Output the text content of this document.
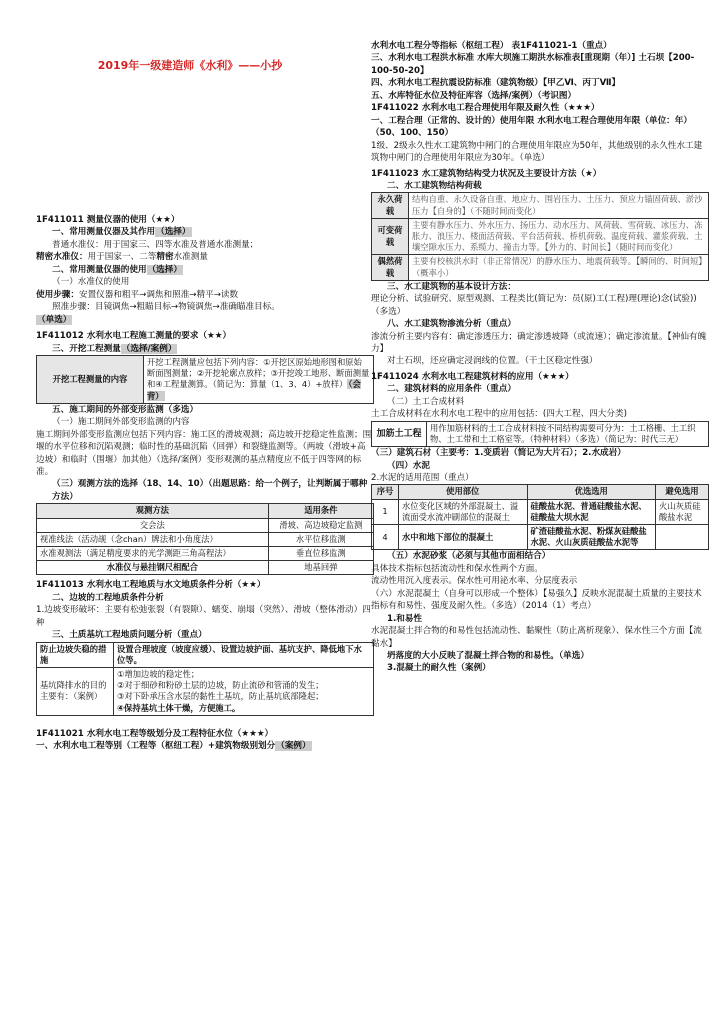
2019年一级建造师《水利》——小抄

1F411011 测量仪器的使用（★★）

一、常用测量仪器及其作用（选择）

普通水准仪：用于国家三、四等水准及普通水准测量；

精密水准仪：用于国家一、二等精密水准测量

二、常用测量仪器的使用（选择）

（一）水准仪的使用

使用步骤：安置仪器和粗平→调焦和照准→精平→读数

照准步骤：目镜调焦→粗瞄目标→物镜调焦→准确瞄准目标。

（单选）

1F411012 水利水电工程施工测量的要求（★★）

三、开挖工程测量（选择/案例）

开挖工程测量的内容	开挖工程测量应包括下列内容：①开挖区原始地形图和原始断面图测量；②开挖轮廓点放样；③开挖竣工地形、断面测量和④工程量测算。（简记为：算量（1、3、4）+放样）（会背）

五、施工期间的外部变形监测（多选）

（一）施工期间外部变形监测的内容

施工期间外部变形监测应包括下列内容：施工区的滑坡观测；高边坡开挖稳定性监测；围堰的水平位移和沉陷观测；临时性的基础沉陷（回弹）和裂缝监测等。（两坡（滑坡+高边坡）和临时（围堰）加其他）（选择/案例）变形观测的基点精度应不低于四等网的标准。

（三）观测方法的选择（18、14、10）（出题思路：给一个例子，让判断属于哪种方法）

观测方法	适用条件
交会法	滑坡、高边坡稳定监测
视准线法（活动觇（念chan）牌法和小角度法）	水平位移监测
水准观测法（满足精度要求的光学测距三角高程法）	垂直位移监测
水准仪与悬挂钢尺相配合	地基回弹

1F411013 水利水电工程地质与水文地质条件分析（★★）

二、边坡的工程地质条件分析

1.边坡变形破坏：主要有松弛张裂（有裂隙）、蠕变、崩塌（突然）、滑坡（整体滑动）四种

三、土质基坑工程地质问题分析（重点）

防止边坡失稳的措施	设置合理坡度（坡度应缓）、设置边坡护面、基坑支护、降低地下水位等。
基坑降排水的目的主要有：（案例）	①增加边坡的稳定性；
②对于细砂和粉砂土层的边坡，防止流砂和管涌的发生；
③对下卧承压含水层的黏性土基坑，防止基坑底部隆起；
④保持基坑土体干燥，方便施工。

1F411021 水利水电工程等级划分及工程特征水位（★★★）

一、水利水电工程等别（工程等（枢纽工程）+建筑物级别划分（案例）

水利水电工程分等指标（枢纽工程） 表1F411021-1（重点）

三、水利水电工程洪水标准 水库大坝施工期洪水标准表[重现期（年）] 土石坝【200-100-50-20】

四、水利水电工程抗震设防标准（建筑物级）【甲乙Ⅵ、丙丁Ⅶ】

五、水库特征水位及特征库容（选择/案例）（考识图）

1F411022 水利水电工程合理使用年限及耐久性（★★★）

一、工程合理（正常的、设计的）使用年限 水利水电工程合理使用年限（单位：年）（50、100、150）

1级、2级永久性水工建筑物中闸门的合理使用年限应为50年，其他级别的永久性水工建筑物中闸门的合理使用年限应为30年。（单选）

1F411023 水工建筑物结构受力状况及主要设计方法（★）

二、水工建筑物结构荷载

永久荷载	结构自重、永久设备自重、地应力、围岩压力、土压力、预应力锚固荷载、淤沙压力【自身的】（不随时间而变化）
可变荷载	主要有静水压力、外水压力、扬压力、动水压力、风荷载、雪荷载、冰压力、冻胀力、浪压力、楼面活荷载、平台活荷载、桥机荷载、温度荷载、灌浆荷载、土壤空隙水压力、系缆力、撞击力等。【外力的、时间长】（随时间而变化）
偶然荷载	主要有校核洪水时（非正常情况）的静水压力、地震荷载等。【瞬间的、时间短】（概率小）

三、水工建筑物的基本设计方法：

理论分析、试验研究、原型观测、工程类比(简记为：员(原)工(工程)理(理论)念(试验))（多选）

八、水工建筑物渗流分析（重点）

渗流分析主要内容有：确定渗透压力；确定渗透坡降（或流速）；确定渗流量。【神仙有魄力】

对土石坝，还应确定浸润线的位置。（干土区稳定性强）

1F411024 水利水电工程建筑材料的应用（★★★）

二、建筑材料的应用条件（重点）

（二）土工合成材料

土工合成材料在水利水电工程中的应用包括：(四大工程、四大分类)

加筋土工程	用作加筋材料的土工合成材料按不同结构需要可分为：土工格栅、土工织物、土工带和土工格室等。（特种材料）（多选）（简记为：时代三无）

（三）建筑石材（主要考：1.变质岩（简记为大片石）；2.水成岩）

（四）水泥

2.水泥的适用范围（重点）

序号	使用部位	优选选用	避免选用
1	水位变化区域的外部混凝土、溢流面受水流冲刷部位的混凝土	硅酸盐水泥、普通硅酸盐水泥、硅酸盐大坝水泥	火山灰质硅酸盐水泥
4	水中和地下部位的混凝土	矿渣硅酸盐水泥、粉煤灰硅酸盐水泥、火山灰质硅酸盐水泥等	

（五）水泥砂浆（必须与其他市面相结合）

具体技术指标包括流动性和保水性两个方面。

流动性用沉入度表示。保水性可用泌水率、分层度表示

（六）水泥混凝土（自身可以形成一个整体）【易强久】反映水泥混凝土质量的主要技术指标有和易性、强度及耐久性。（多选）（2014（1）考点）

1.和易性

水泥混凝土拌合物的和易性包括流动性、黏聚性（防止离析现象）、保水性三个方面【流黏水】

坍落度的大小反映了混凝土拌合物的和易性。（单选）

3.混凝土的耐久性（案例）
